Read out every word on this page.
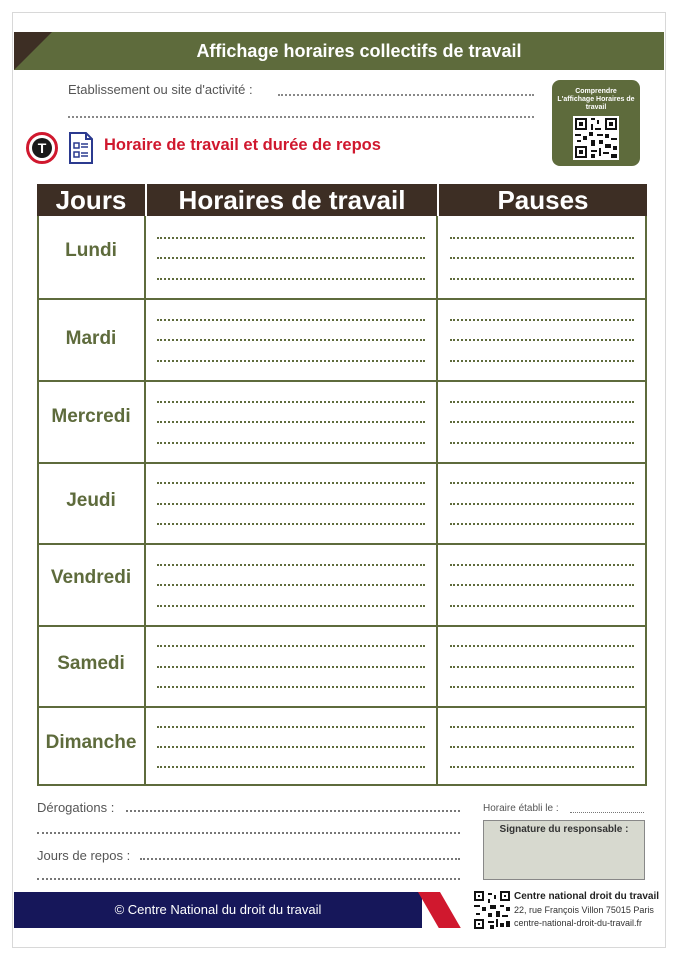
Affichage horaires collectifs de travail
Etablissement ou site d'activité :	Comprendre L'affichage Horaires de travail
T	Horaire de travail et durée de repos
Jours	Horaires de travail	Pauses
Lundi
Mardi
Mercredi
Jeudi
Vendredi
Samedi
Dimanche
Dérogations :
Jours de repos :
Horaire établi le :
Signature du responsable :
© Centre National du droit du travail
Centre national droit du travail
22, rue François Villon 75015 Paris
centre-national-droit-du-travail.fr
